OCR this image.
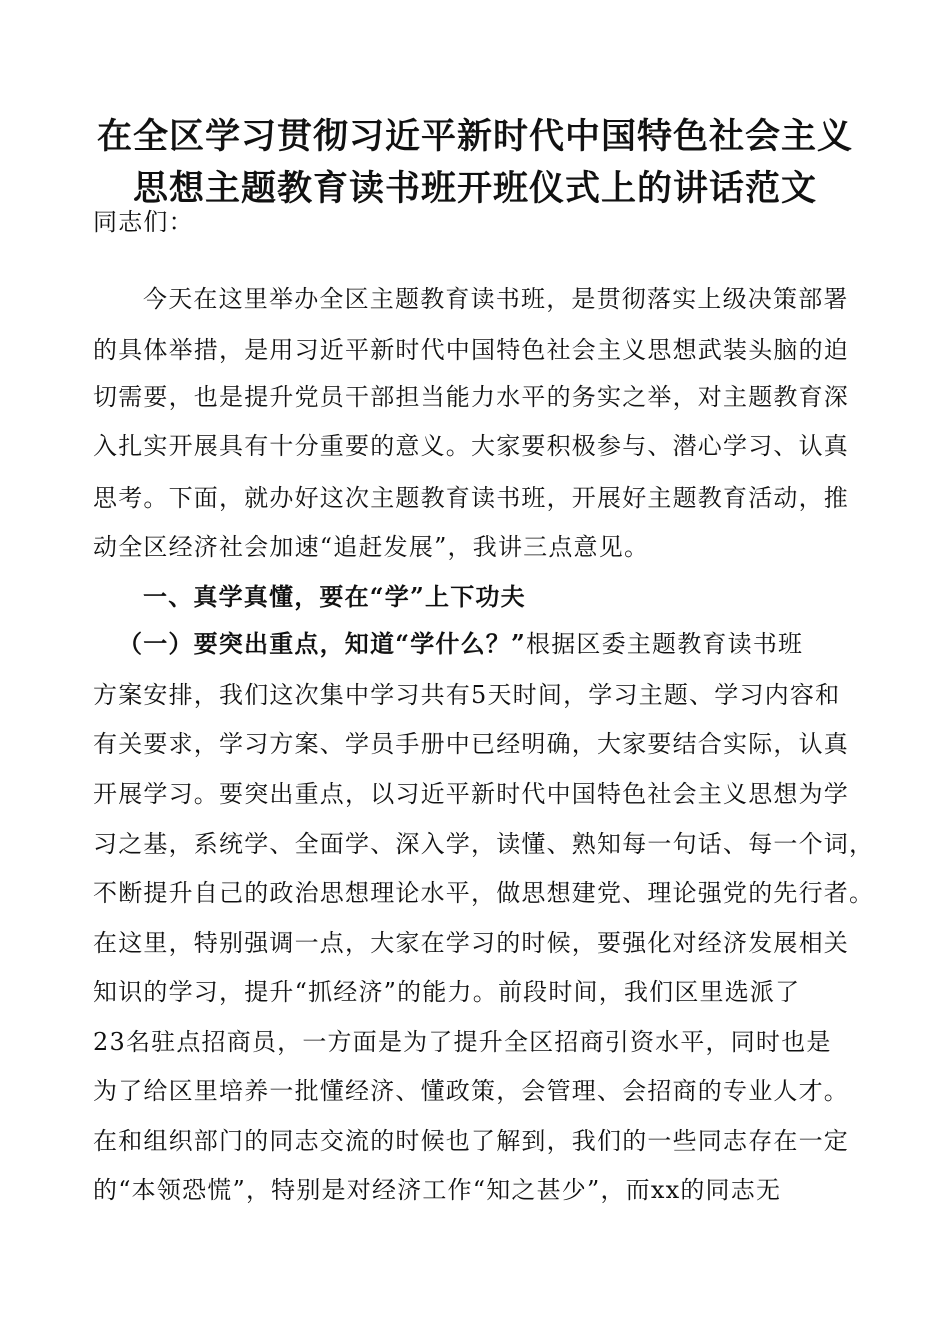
在全区学习贯彻习近平新时代中国特色社会主义
思想主题教育读书班开班仪式上的讲话范文
同志们：
今天在这里举办全区主题教育读书班，是贯彻落实上级决策部署
的具体举措，是用习近平新时代中国特色社会主义思想武装头脑的迫
切需要，也是提升党员干部担当能力水平的务实之举，对主题教育深
入扎实开展具有十分重要的意义。大家要积极参与、潜心学习、认真
思考。下面，就办好这次主题教育读书班，开展好主题教育活动，推
动全区经济社会加速“追赶发展”，我讲三点意见。
一、真学真懂，要在“学”上下功夫
（一）要突出重点，知道“学什么？”根据区委主题教育读书班
方案安排，我们这次集中学习共有5天时间，学习主题、学习内容和
有关要求，学习方案、学员手册中已经明确，大家要结合实际，认真
开展学习。要突出重点，以习近平新时代中国特色社会主义思想为学
习之基，系统学、全面学、深入学，读懂、熟知每一句话、每一个词，
不断提升自己的政治思想理论水平，做思想建党、理论强党的先行者。
在这里，特别强调一点，大家在学习的时候，要强化对经济发展相关
知识的学习，提升“抓经济”的能力。前段时间，我们区里选派了
23名驻点招商员，一方面是为了提升全区招商引资水平，同时也是
为了给区里培养一批懂经济、懂政策，会管理、会招商的专业人才。
在和组织部门的同志交流的时候也了解到，我们的一些同志存在一定
的“本领恐慌”，特别是对经济工作“知之甚少”，而xx的同志无
